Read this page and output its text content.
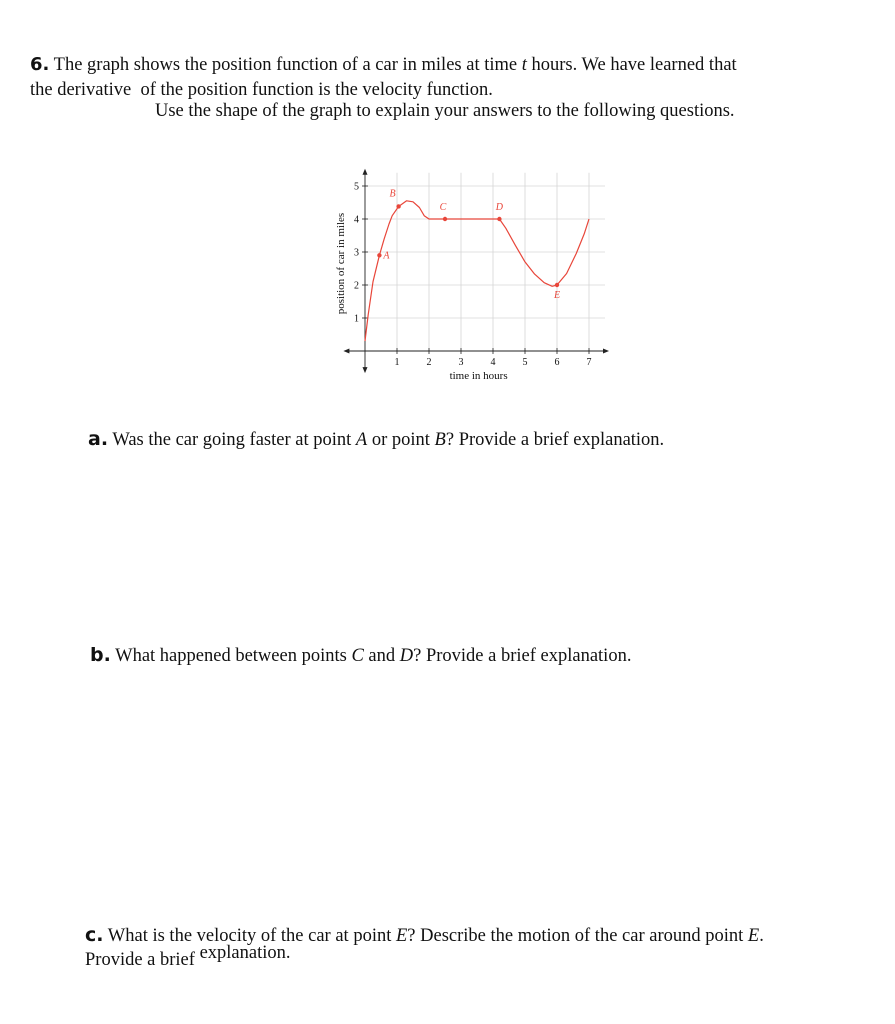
6. The graph shows the position function of a car in miles at time t hours. We have learned that
the derivative  of the position function is the velocity function.
Use the shape of the graph to explain your answers to the following questions.
1	2	3	4	5	6	7
1
2
3
4
5
time in hours
position of car in miles	A
B
C	D
E
a. Was the car going faster at point A or point B? Provide a brief explanation.
b. What happened between points C and D? Provide a brief explanation.
c. What is the velocity of the car at point E? Describe the motion of the car around point E.
Provide a brief explanation.
